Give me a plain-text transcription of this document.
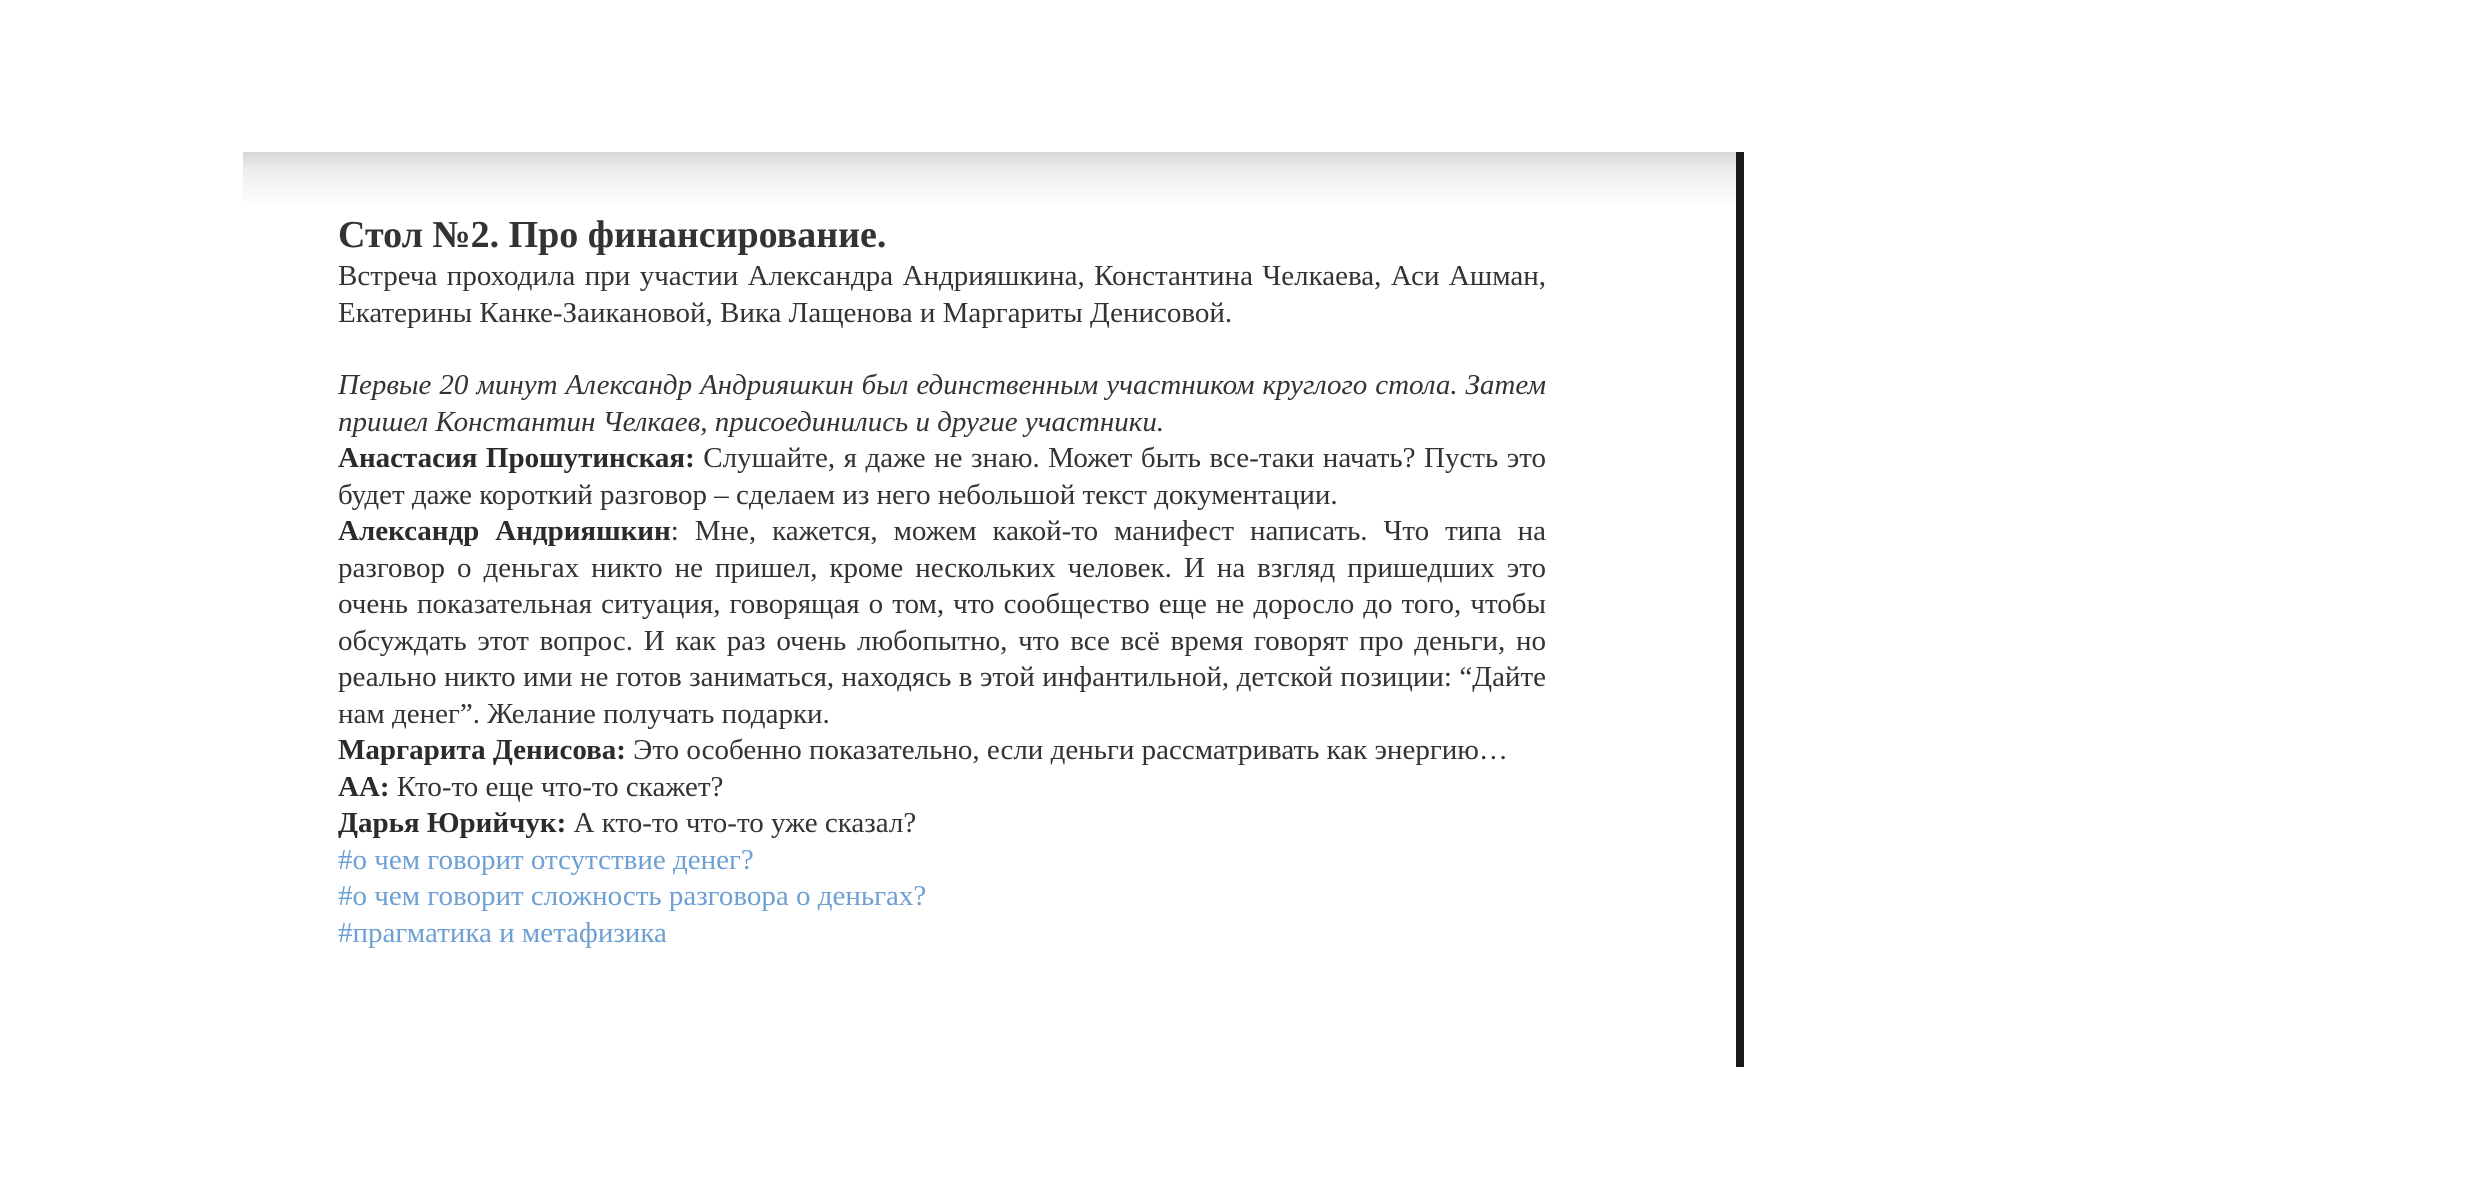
Стол №2. Про финансирование.

Встреча проходила при участии Александра Андрияшкина, Константина Челкаева, Аси Ашман, Екатерины Канке-Заикановой, Вика Лащенова и Маргариты Денисовой.

Первые 20 минут Александр Андрияшкин был единственным участником круглого стола. Затем пришел Константин Челкаев, присоединились и другие участники.

Анастасия Прошутинская: Слушайте, я даже не знаю. Может быть все-таки начать? Пусть это будет даже короткий разговор – сделаем из него небольшой текст документации.

Александр Андрияшкин: Мне, кажется, можем какой-то манифест написать. Что типа на разговор о деньгах никто не пришел, кроме нескольких человек. И на взгляд пришедших это очень показательная ситуация, говорящая о том, что сообщество еще не доросло до того, чтобы обсуждать этот вопрос. И как раз очень любопытно, что все всё время говорят про деньги, но реально никто ими не готов заниматься, находясь в этой инфантильной, детской позиции: “Дайте нам денег”. Желание получать подарки.

Маргарита Денисова: Это особенно показательно, если деньги рассматривать как энергию…

АА: Кто-то еще что-то скажет?

Дарья Юрийчук: А кто-то что-то уже сказал?

#о чем говорит отсутствие денег?
#о чем говорит сложность разговора о деньгах?
#прагматика и метафизика
